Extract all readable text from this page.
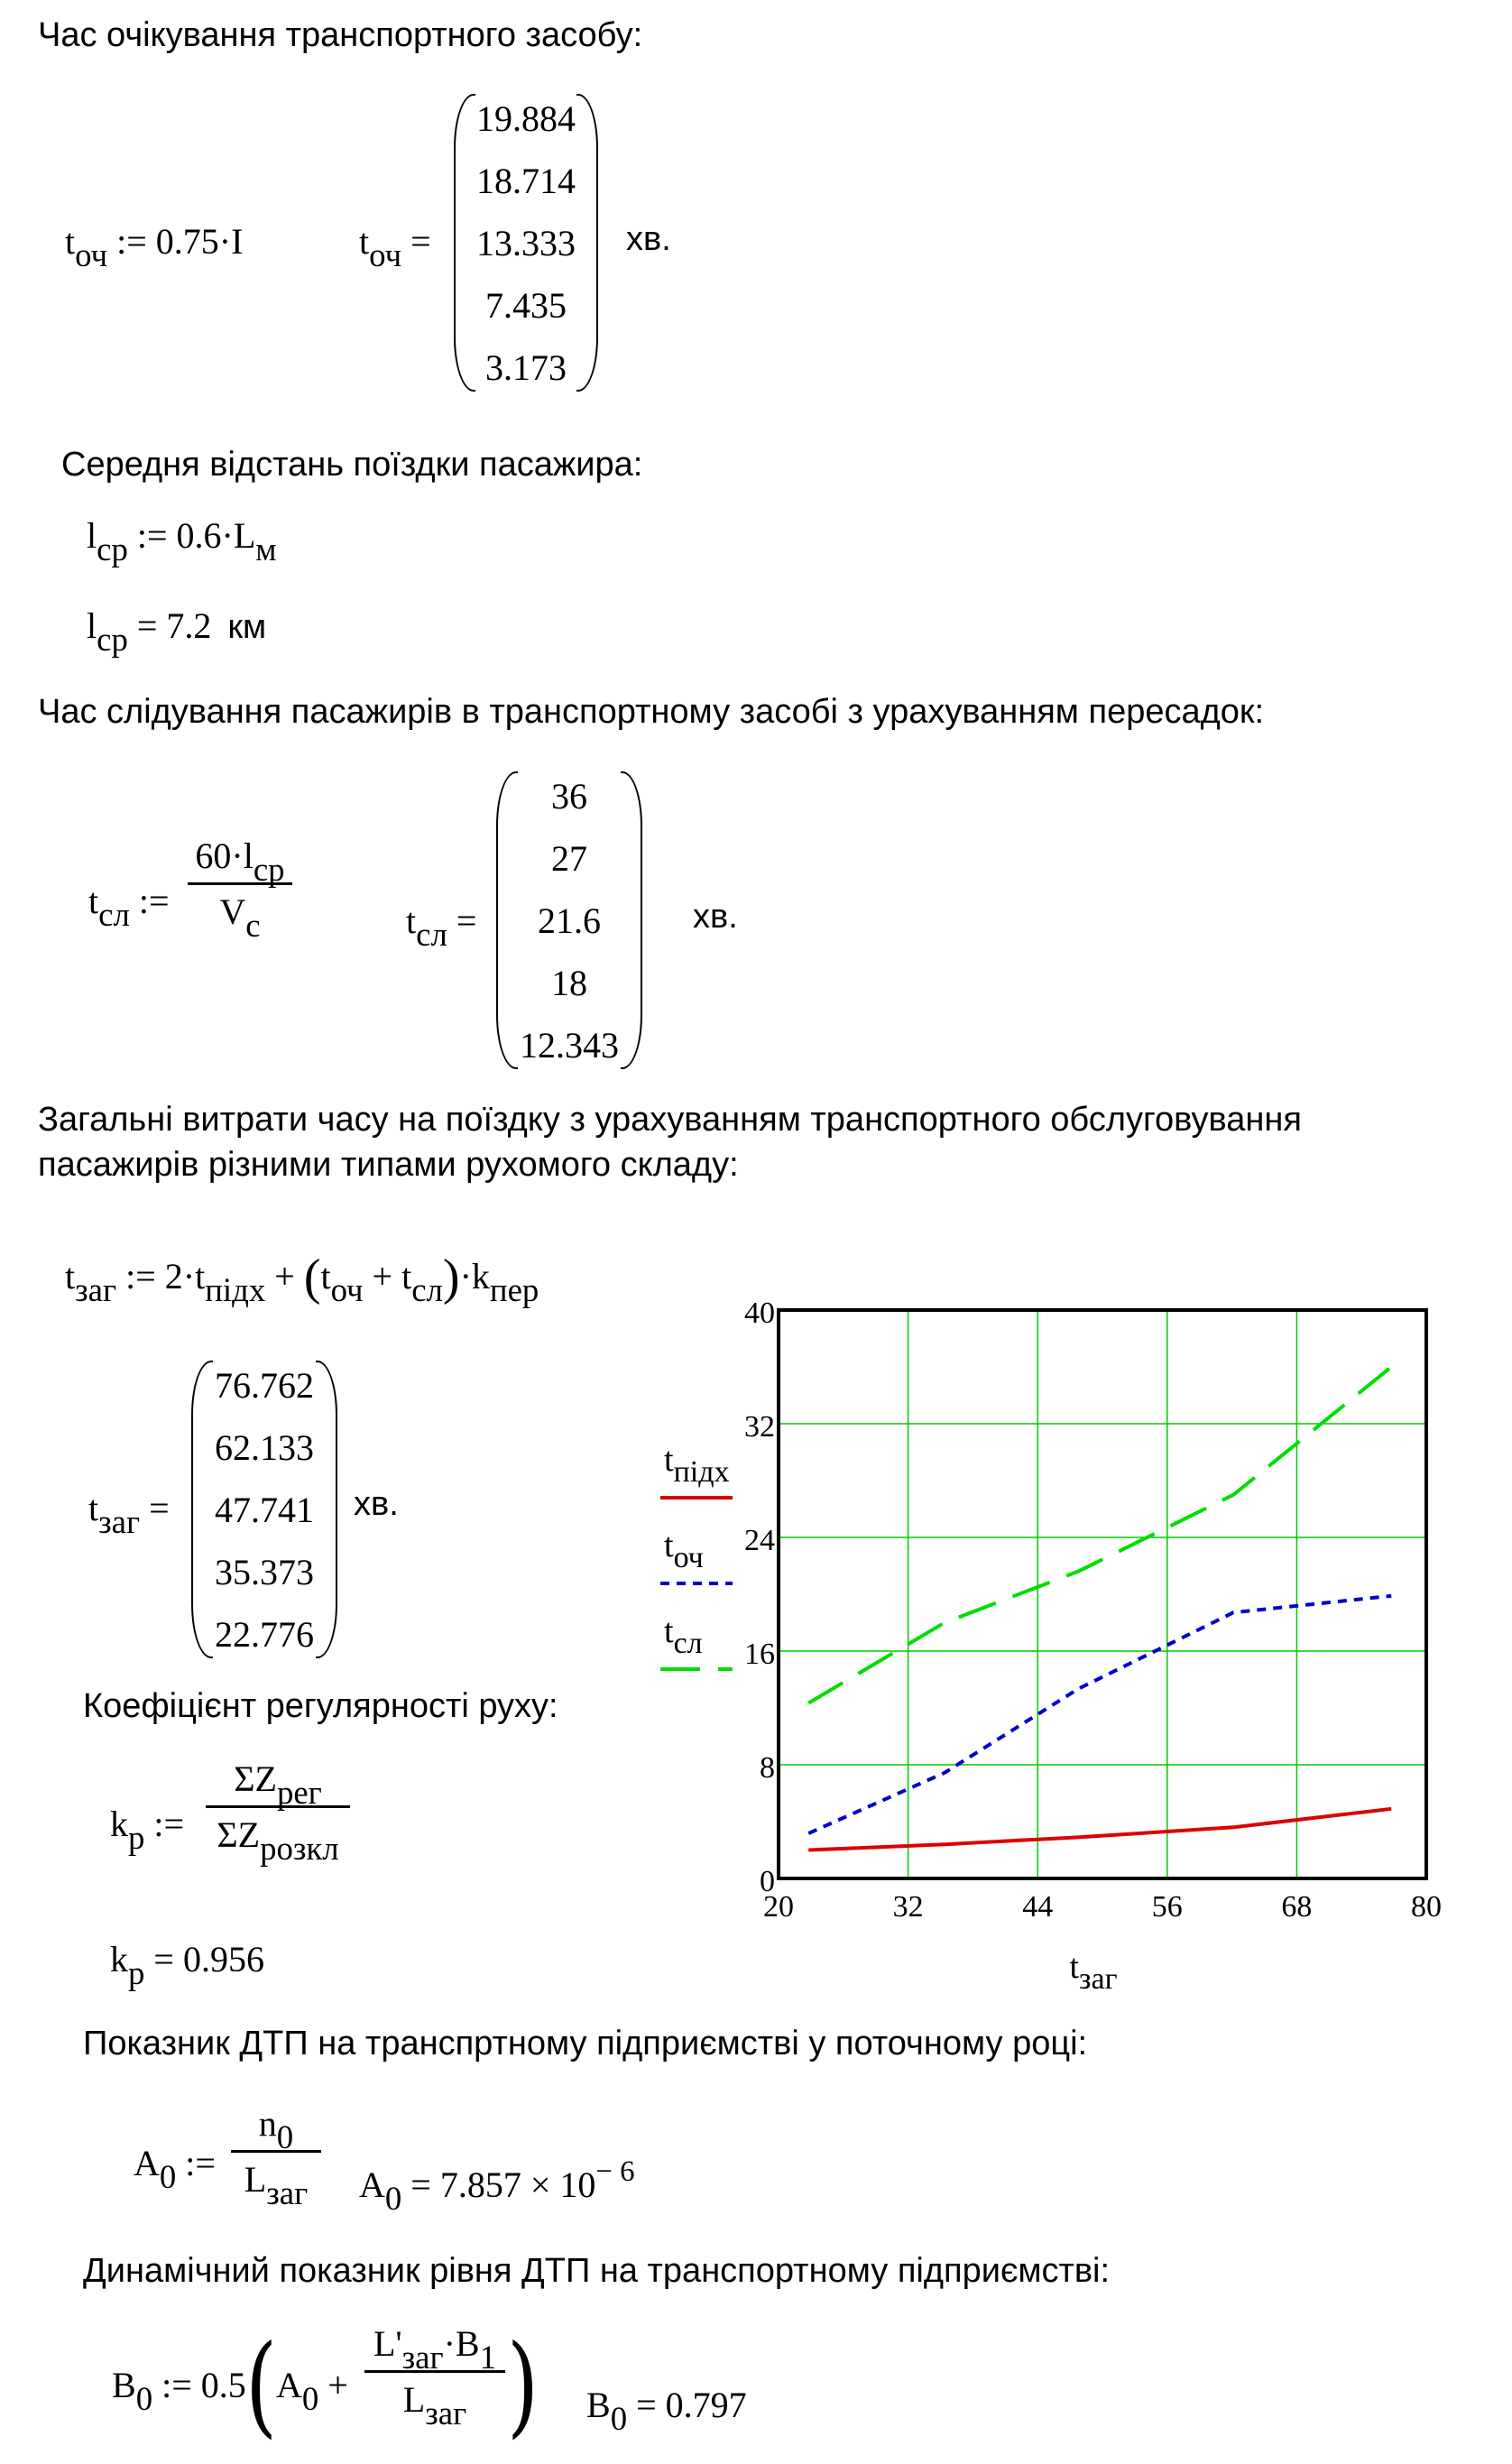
Час очікування транспортного засобу:
tоч := 0.75·I	tоч =
19.884
18.714
13.333
7.435
3.173
хв.
Середня відстань поїздки пасажира:
lср := 0.6·Lм
lср = 7.2 км
Час слідування пасажирів в транспортному засобі з урахуванням пересадок:
tсл :=
60·lср
Vc	tсл =
36
27
21.6
18
12.343
хв.
Загальні витрати часу на поїздку з урахуванням транспортного обслуговування
пасажирів різними типами рухомого складу:
tзаг := 2·tпідх + (tоч + tсл)·kпер
tзаг =
76.762
62.133
47.741
35.373
22.776
хв.
Коефіцієнт регулярності руху:
kр :=
ΣZрег
ΣZрозкл
kр = 0.956
20	32	44	56	68	80
0
8
16
24
32
40
tпідх
tоч
tсл
tзаг
Показник ДТП на транспртному підприємстві у поточному році:
A0 :=
n0
Lзаг	$A0 = 7.857 \times 10^{- 6}$
Динамічний показник рівня ДТП на транспортному підприємстві:
B0 := 0.5 (
A0 +
L'заг·B1
Lзаг ) B0 = 0.797
